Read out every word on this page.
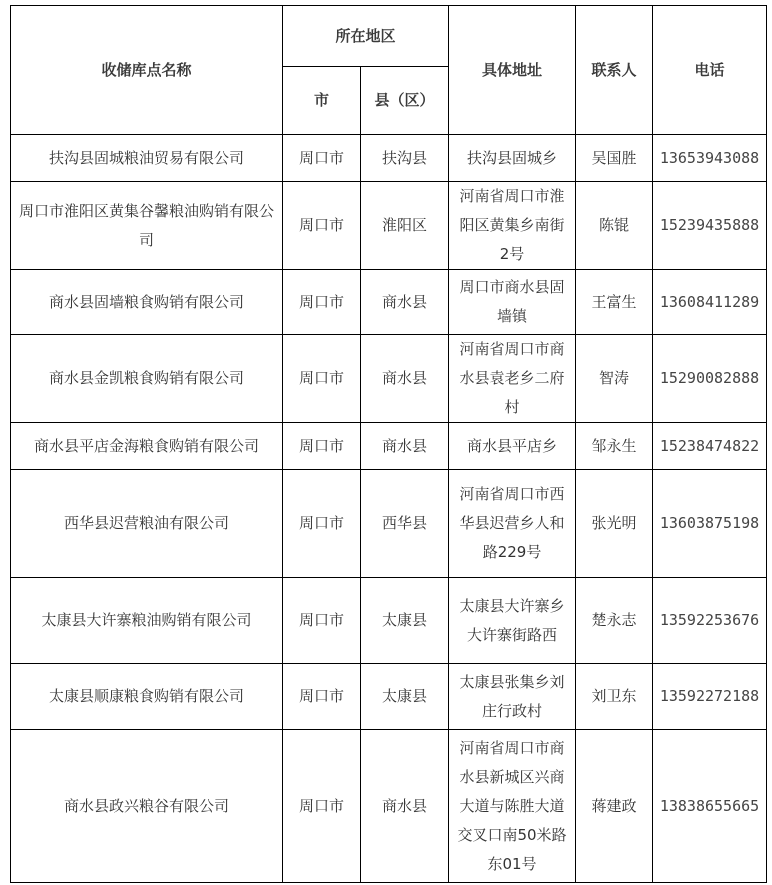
收储库点名称	所在地区		具体地址	联系人	电话
	市	县（区）			
扶沟县固城粮油贸易有限公司	周口市	扶沟县	扶沟县固城乡	吴国胜	13653943088
周口市淮阳区黄集谷馨粮油购销有限公司	周口市	淮阳区	河南省周口市淮阳区黄集乡南街2号	陈锟	15239435888
商水县固墙粮食购销有限公司	周口市	商水县	周口市商水县固墙镇	王富生	13608411289
商水县金凯粮食购销有限公司	周口市	商水县	河南省周口市商水县袁老乡二府村	智涛	15290082888
商水县平店金海粮食购销有限公司	周口市	商水县	商水县平店乡	邹永生	15238474822
西华县迟营粮油有限公司	周口市	西华县	河南省周口市西华县迟营乡人和路229号	张光明	13603875198
太康县大许寨粮油购销有限公司	周口市	太康县	太康县大许寨乡大许寨街路西	楚永志	13592253676
太康县顺康粮食购销有限公司	周口市	太康县	太康县张集乡刘庄行政村	刘卫东	13592272188
商水县政兴粮谷有限公司	周口市	商水县	河南省周口市商水县新城区兴商大道与陈胜大道交叉口南50米路东01号	蒋建政	13838655665
